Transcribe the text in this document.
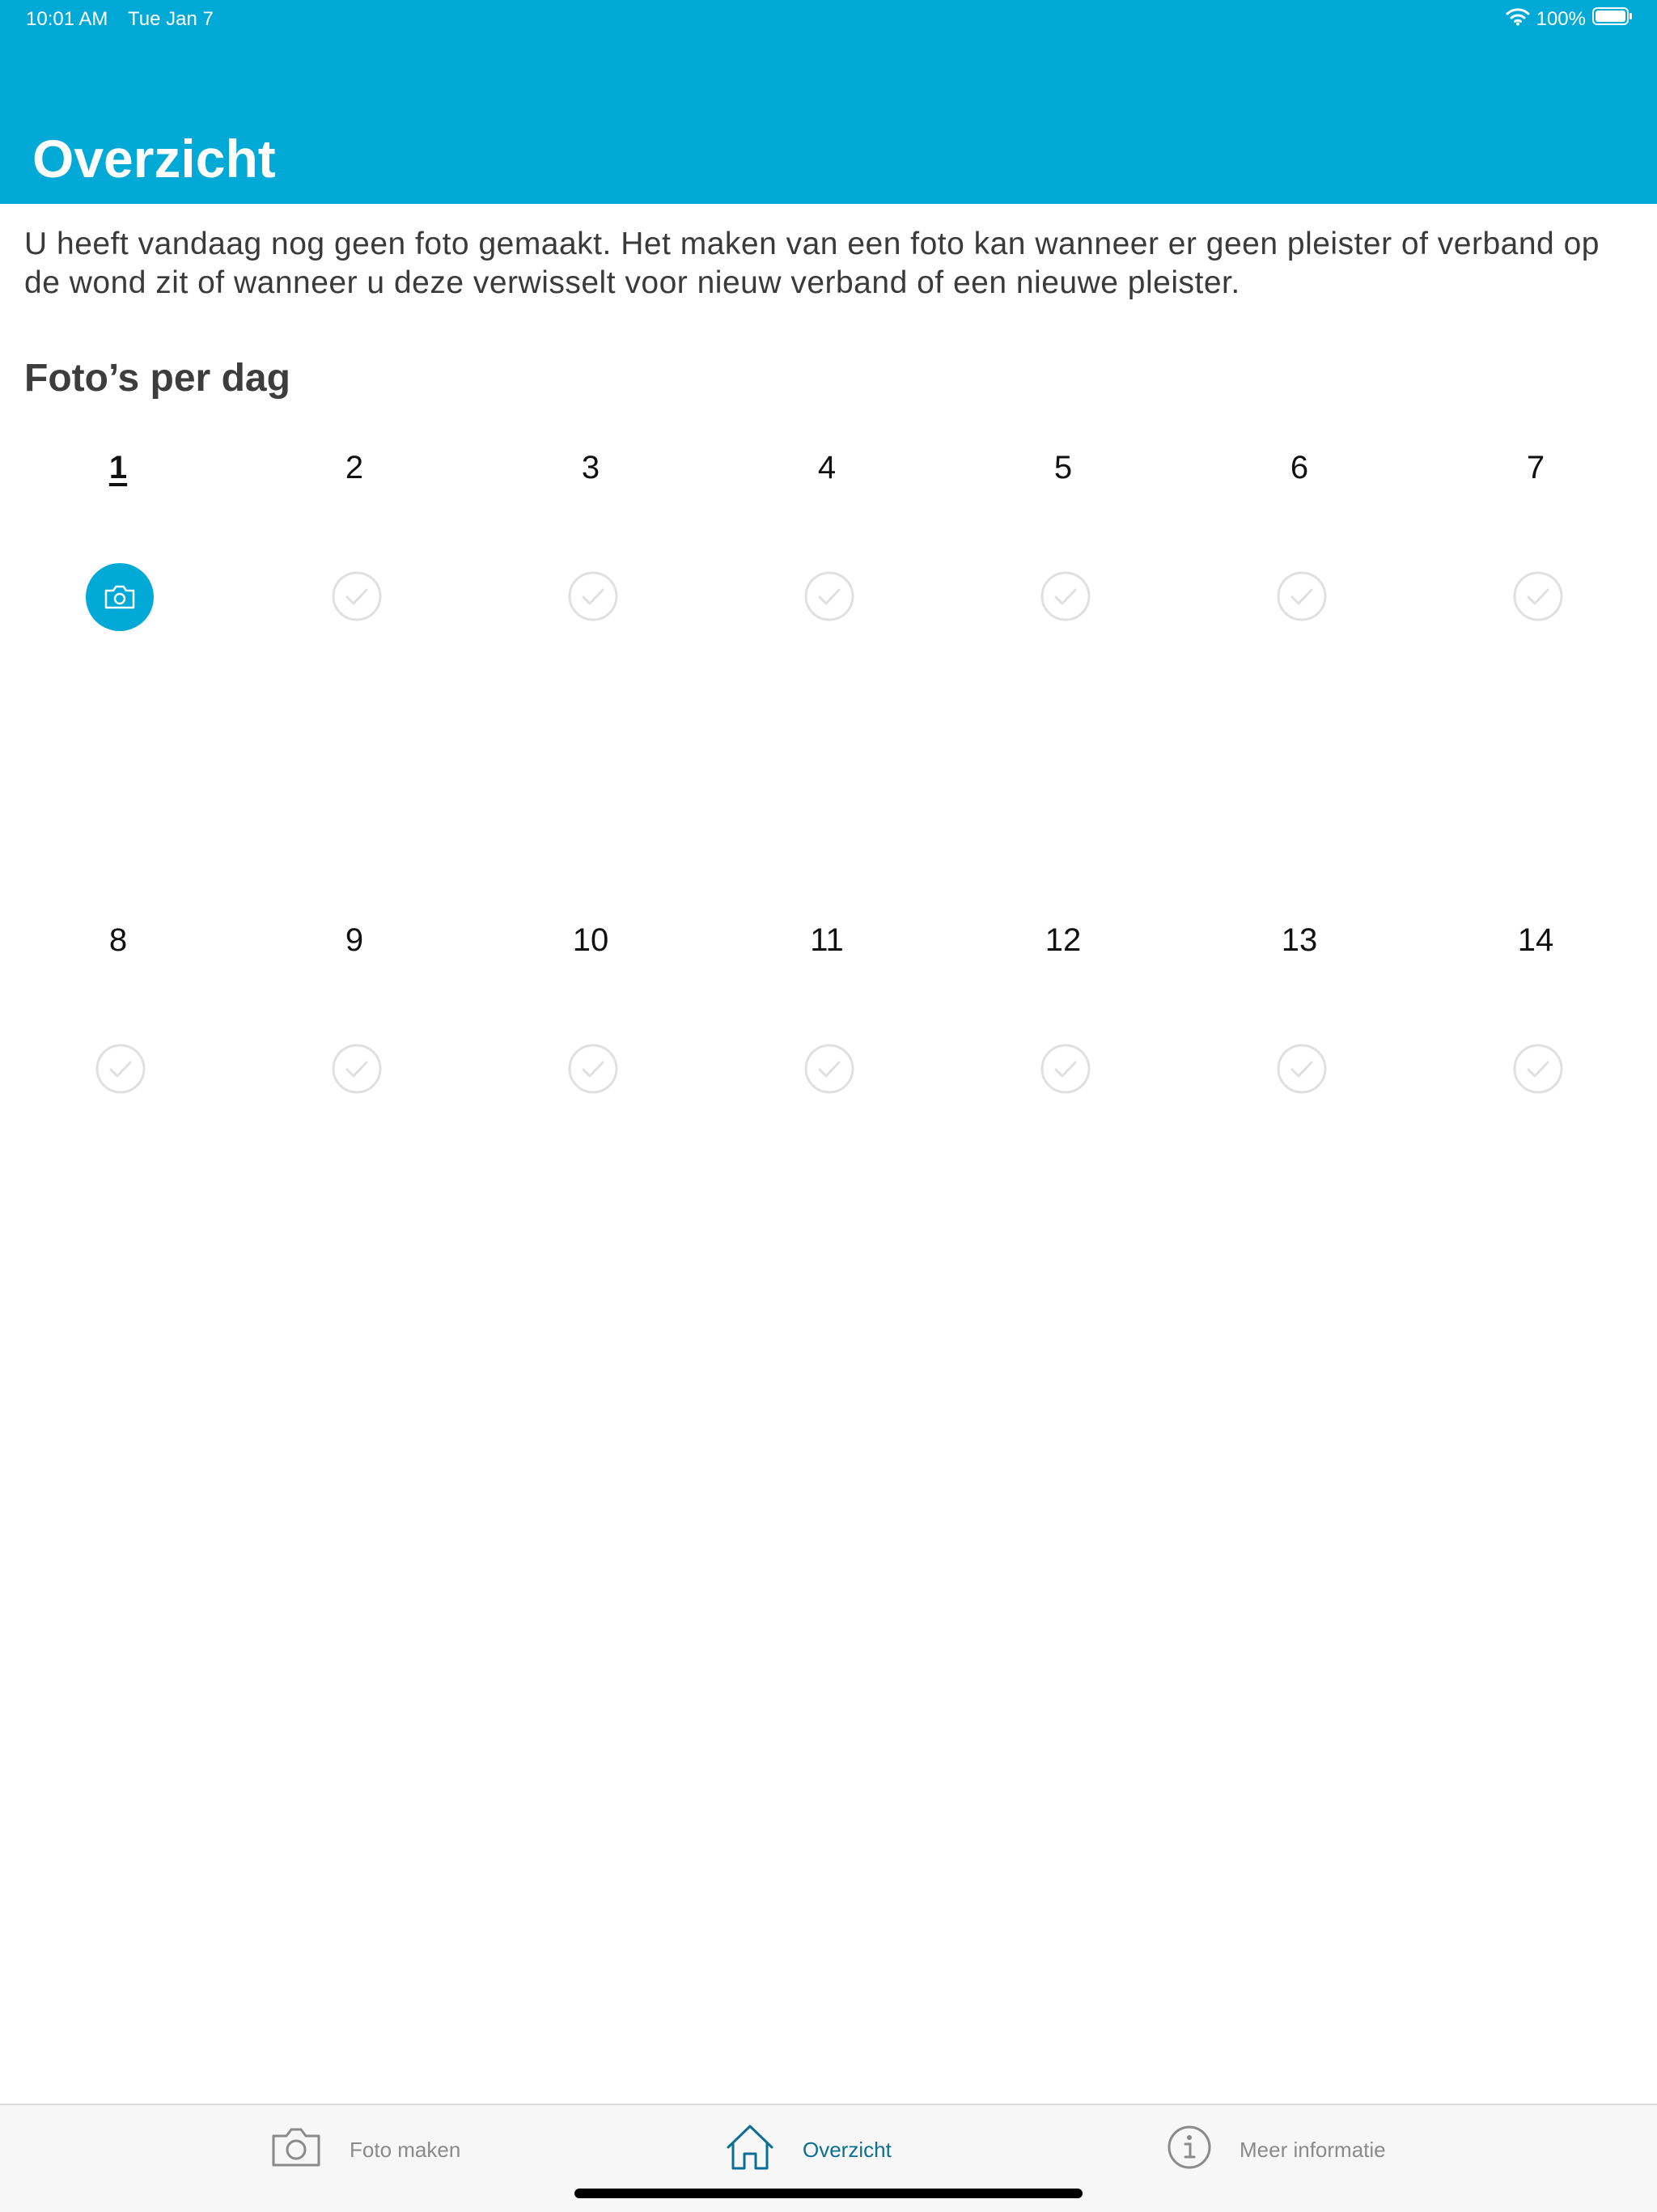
10:01 AM Tue Jan 7	100%
Overzicht
U heeft vandaag nog geen foto gemaakt. Het maken van een foto kan wanneer er geen pleister of verband op de wond zit of wanneer u deze verwisselt voor nieuw verband of een nieuwe pleister.
Foto’s per dag
1	2	3	4	5	6	7
8	9	10	11	12	13	14
Foto maken	Overzicht	Meer informatie
